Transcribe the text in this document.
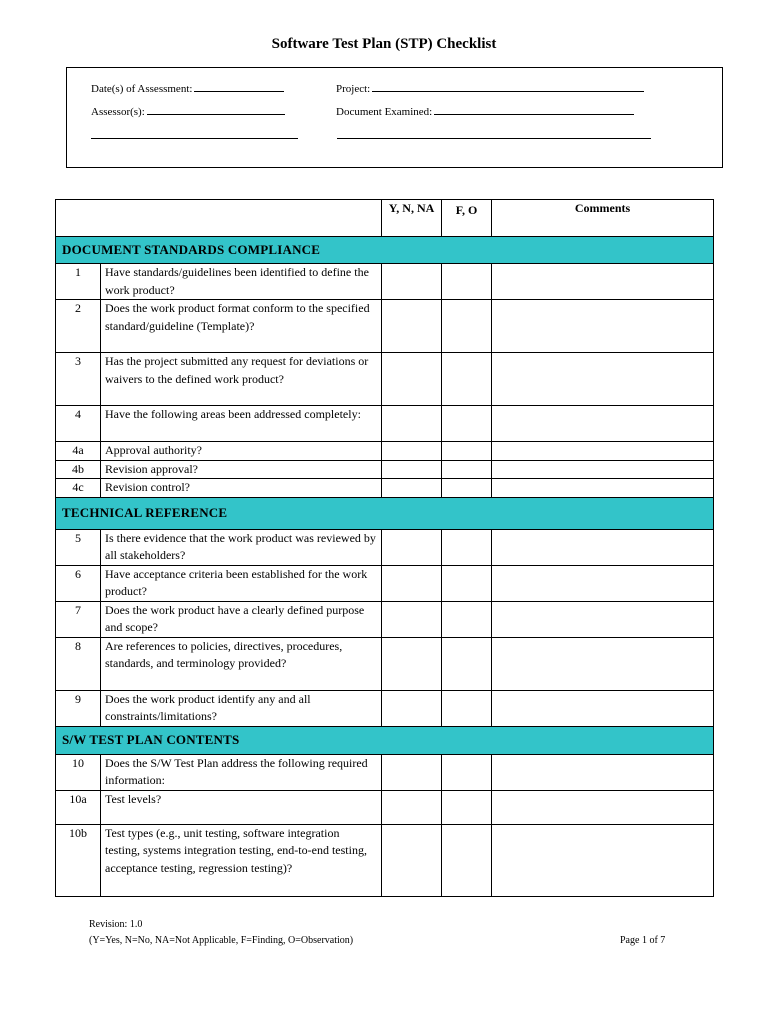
Software Test Plan (STP) Checklist
Date(s) of Assessment:	Project:
Assessor(s):	Document Examined:
		Y, N, NA	F, O	Comments
DOCUMENT STANDARDS COMPLIANCE				
1	Have standards/guidelines been identified to define the work product?			
2	Does the work product format conform to the specified standard/guideline (Template)?			
3	Has the project submitted any request for deviations or waivers to the defined work product?			
4	Have the following areas been addressed completely:			
4a	Approval authority?			
4b	Revision approval?			
4c	Revision control?			
TECHNICAL REFERENCE				
5	Is there evidence that the work product was reviewed by all stakeholders?			
6	Have acceptance criteria been established for the work product?			
7	Does the work product have a clearly defined purpose and scope?			
8	Are references to policies, directives, procedures, standards, and terminology provided?			
9	Does the work product identify any and all constraints/limitations?			
S/W TEST PLAN CONTENTS				
10	Does the S/W Test Plan address the following required information:			
10a	Test levels?			
10b	Test types (e.g., unit testing, software integration testing, systems integration testing, end-to-end testing, acceptance testing, regression testing)?			
Revision: 1.0
(Y=Yes, N=No, NA=Not Applicable, F=Finding, O=Observation)	Page 1 of 7
